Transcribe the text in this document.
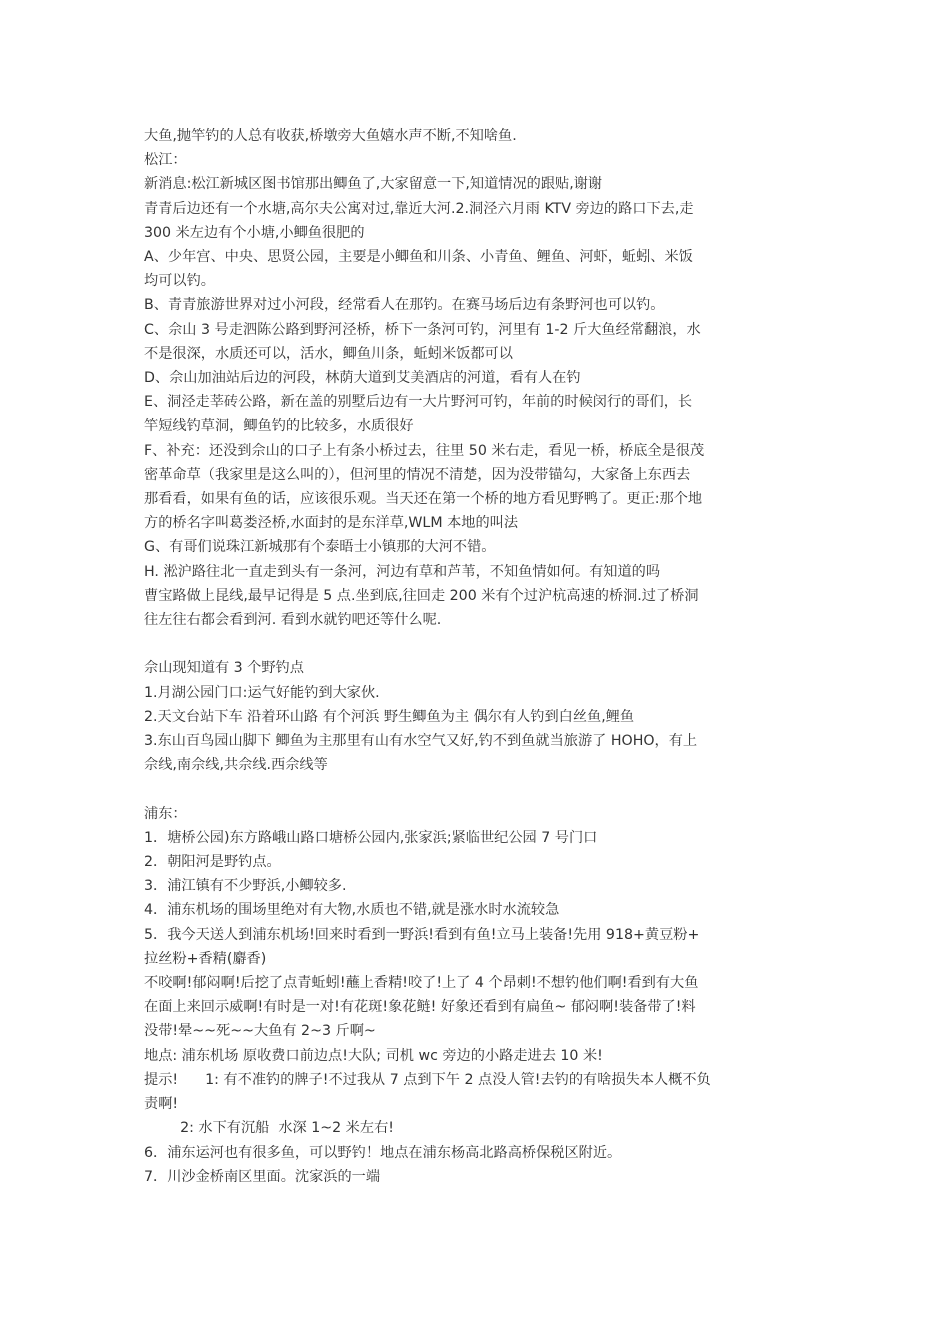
大鱼,抛竿钓的人总有收获,桥墩旁大鱼嬉水声不断,不知啥鱼.

松江：

新消息:松江新城区图书馆那出鲫鱼了,大家留意一下,知道情况的跟贴,谢谢

青青后边还有一个水塘,高尔夫公寓对过,靠近大河.2.洞泾六月雨 KTV 旁边的路口下去,走

300 米左边有个小塘,小鲫鱼很肥的

A、少年宫、中央、思贤公园，主要是小鲫鱼和川条、小青鱼、鲤鱼、河虾，蚯蚓、米饭

均可以钓。

B、青青旅游世界对过小河段，经常看人在那钓。在赛马场后边有条野河也可以钓。

C、佘山 3 号走泗陈公路到野河泾桥，桥下一条河可钓，河里有 1-2 斤大鱼经常翻浪，水

不是很深，水质还可以，活水，鲫鱼川条，蚯蚓米饭都可以

D、佘山加油站后边的河段，林荫大道到艾美酒店的河道，看有人在钓

E、洞泾走莘砖公路，新在盖的别墅后边有一大片野河可钓，年前的时候闵行的哥们，长

竿短线钓草洞，鲫鱼钓的比较多，水质很好

F、补充：还没到佘山的口子上有条小桥过去，往里 50 米右走，看见一桥，桥底全是很茂

密革命草（我家里是这么叫的），但河里的情况不清楚，因为没带锚勾，大家备上东西去

那看看，如果有鱼的话，应该很乐观。当天还在第一个桥的地方看见野鸭了。更正:那个地

方的桥名字叫葛娄泾桥,水面封的是东洋草,WLM 本地的叫法

G、有哥们说珠江新城那有个泰晤士小镇那的大河不错。

H. 淞沪路往北一直走到头有一条河，河边有草和芦苇，不知鱼情如何。有知道的吗

曹宝路做上昆线,最早记得是 5 点.坐到底,往回走 200 米有个过沪杭高速的桥洞.过了桥洞

往左往右都会看到河. 看到水就钓吧还等什么呢.

佘山现知道有 3 个野钓点

1.月湖公园门口:运气好能钓到大家伙.

2.天文台站下车 沿着环山路 有个河浜 野生鲫鱼为主 偶尔有人钓到白丝鱼,鲤鱼

3.东山百鸟园山脚下 鲫鱼为主那里有山有水空气又好,钓不到鱼就当旅游了 HOHO，有上

佘线,南佘线,共佘线.西佘线等

浦东：

1．塘桥公园)东方路峨山路口塘桥公园内,张家浜;紧临世纪公园 7 号门口

2．朝阳河是野钓点。

3．浦江镇有不少野浜,小鲫较多.

4．浦东机场的围场里绝对有大物,水质也不错,就是涨水时水流较急

5．我今天送人到浦东机场!回来时看到一野浜!看到有鱼!立马上装备!先用 918+黄豆粉+

拉丝粉+香精(麝香)

不咬啊!郁闷啊!后挖了点青蚯蚓!蘸上香精!咬了!上了 4 个昂刺!不想钓他们啊!看到有大鱼

在面上来回示威啊!有时是一对!有花斑!象花鲢! 好象还看到有扁鱼~ 郁闷啊!装备带了!料

没带!晕~~死~~大鱼有 2~3 斤啊~

地点: 浦东机场 原收费口前边点!大队; 司机 wc 旁边的小路走进去 10 米!

提示!      1: 有不准钓的牌子!不过我从 7 点到下午 2 点没人管!去钓的有啥损失本人概不负

责啊!

2: 水下有沉船  水深 1~2 米左右!

6．浦东运河也有很多鱼，可以野钓！地点在浦东杨高北路高桥保税区附近。

7．川沙金桥南区里面。沈家浜的一端
